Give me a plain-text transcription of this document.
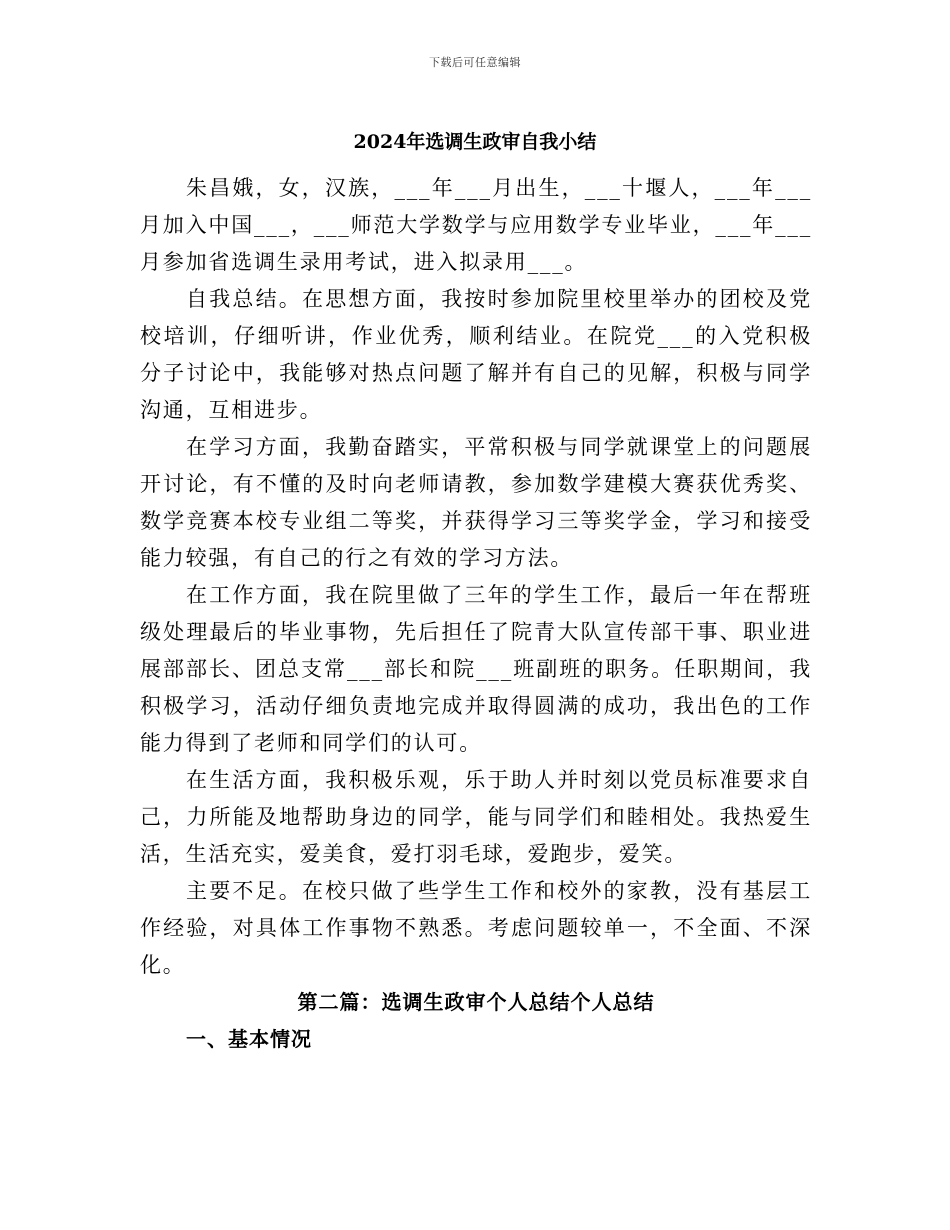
下载后可任意编辑
2024年选调生政审自我小结

朱昌娥，女，汉族，___年___月出生，___十堰人，___年___月加入中国___，___师范大学数学与应用数学专业毕业，___年___月参加省选调生录用考试，进入拟录用___。

自我总结。在思想方面，我按时参加院里校里举办的团校及党校培训，仔细听讲，作业优秀，顺利结业。在院党___的入党积极分子讨论中，我能够对热点问题了解并有自己的见解，积极与同学沟通，互相进步。

在学习方面，我勤奋踏实，平常积极与同学就课堂上的问题展开讨论，有不懂的及时向老师请教，参加数学建模大赛获优秀奖、数学竞赛本校专业组二等奖，并获得学习三等奖学金，学习和接受能力较强，有自己的行之有效的学习方法。

在工作方面，我在院里做了三年的学生工作，最后一年在帮班级处理最后的毕业事物，先后担任了院青大队宣传部干事、职业进展部部长、团总支常___部长和院___班副班的职务。任职期间，我积极学习，活动仔细负责地完成并取得圆满的成功，我出色的工作能力得到了老师和同学们的认可。

在生活方面，我积极乐观，乐于助人并时刻以党员标准要求自己，力所能及地帮助身边的同学，能与同学们和睦相处。我热爱生活，生活充实，爱美食，爱打羽毛球，爱跑步，爱笑。

主要不足。在校只做了些学生工作和校外的家教，没有基层工作经验，对具体工作事物不熟悉。考虑问题较单一，不全面、不深化。

第二篇：选调生政审个人总结个人总结

一、基本情况
